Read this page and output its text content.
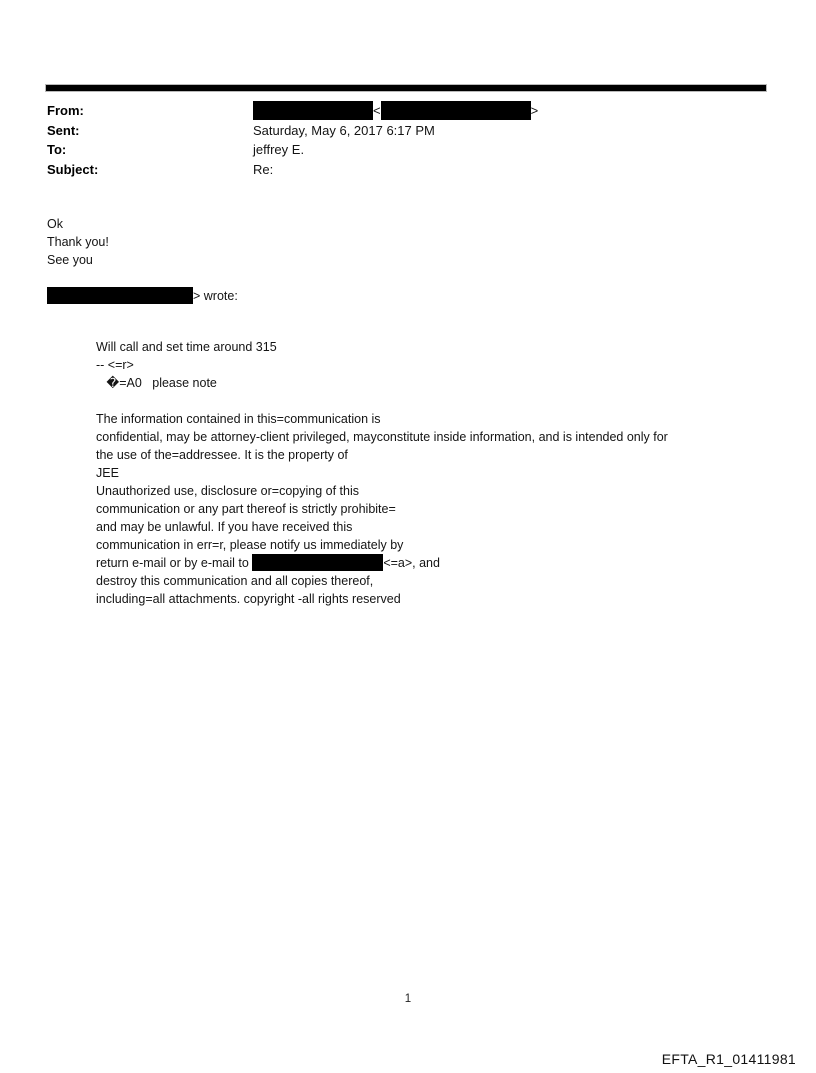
From:	<	>
Sent:	Saturday, May 6, 2017 6:17 PM
To:	jeffrey E.
Subject:	Re:
Ok
Thank you!
See you
> wrote:
Will call and set time around 315
-- <=r>
�=A0   please note
The information contained in this=communication is
confidential, may be attorney-client privileged, mayconstitute inside information, and is intended only for
the use of the=addressee. It is the property of
JEE
Unauthorized use, disclosure or=copying of this
communication or any part thereof is strictly prohibite=
and may be unlawful. If you have received this
communication in err=r, please notify us immediately by
return e-mail or by e-mail to	<=a>, and
destroy this communication and all copies thereof,
including=all attachments. copyright -all rights reserved
1
EFTA_R1_01411981
